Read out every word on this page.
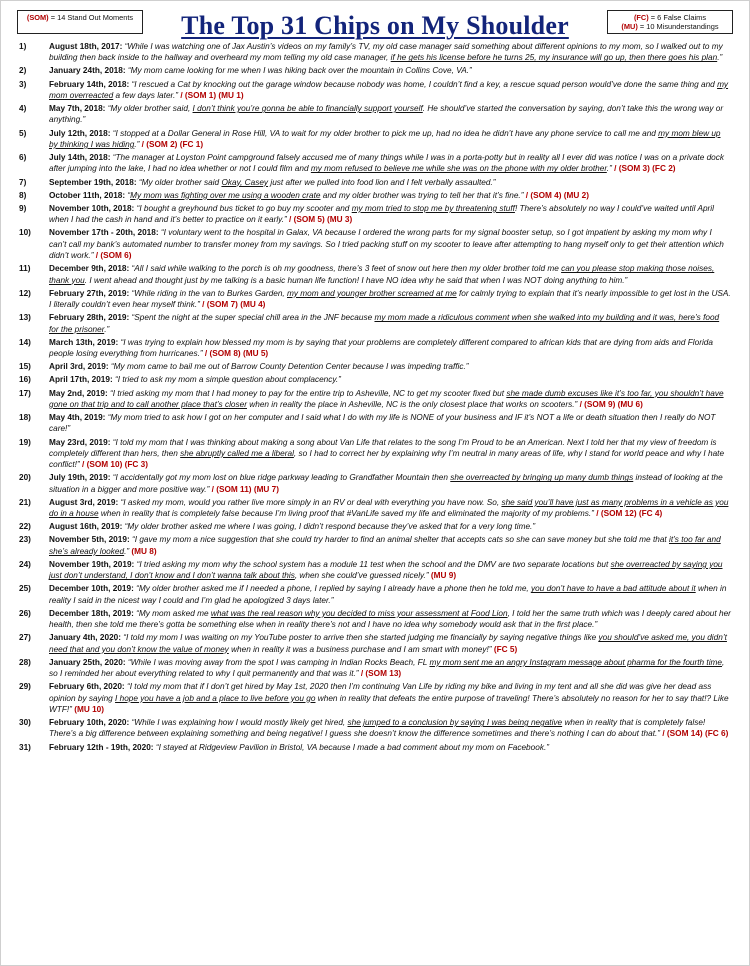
(SOM) = 14 Stand Out Moments	The Top 31 Chips on My Shoulder	(FC) = 6 False Claims
(MU) = 10 Misunderstandings
1)	August 18th, 2017: “While I was watching one of Jax Austin’s videos on my family’s TV, my old case manager said something about different opinions to my mom, so I walked out to my building then back inside to the hallway and overheard my mom telling my old case manager, if he gets his license before he turns 25, my insurance will go up, then there goes his plan.”
2)	January 24th, 2018: “My mom came looking for me when I was hiking back over the mountain in Collins Cove, VA.”
3)	February 14th, 2018: “I rescued a Cat by knocking out the garage window because nobody was home, I couldn’t find a key, a rescue squad person would’ve done the same thing and my mom overreacted a few days later.” / (SOM 1) (MU 1)
4)	May 7th, 2018: “My older brother said, I don’t think you’re gonna be able to financially support yourself. He should’ve started the conversation by saying, don’t take this the wrong way or anything.”
5)	July 12th, 2018: “I stopped at a Dollar General in Rose Hill, VA to wait for my older brother to pick me up, had no idea he didn’t have any phone service to call me and my mom blew up by thinking I was hiding.” / (SOM 2) (FC 1)
6)	July 14th, 2018: “The manager at Loyston Point campground falsely accused me of many things while I was in a porta-potty but in reality all I ever did was notice I was on a private dock after jumping into the lake, I had no idea whether or not I could film and my mom refused to believe me while she was on the phone with my older brother.” / (SOM 3) (FC 2)
7)	September 19th, 2018: “My older brother said Okay, Casey just after we pulled into food lion and I felt verbally assaulted.”
8)	October 11th, 2018: “My mom was fighting over me using a wooden crate and my older brother was trying to tell her that it’s fine.” / (SOM 4) (MU 2)
9)	November 10th, 2018: “I bought a greyhound bus ticket to go buy my scooter and my mom tried to stop me by threatening stuff! There’s absolutely no way I could’ve waited until April when I had the cash in hand and it’s better to practice on it early.” / (SOM 5) (MU 3)
10) November 17th - 20th, 2018: “I voluntary went to the hospital in Galax, VA because I ordered the wrong parts for my signal booster setup, so I got impatient by asking my mom why I can’t call my bank’s automated number to transfer money from my savings. So I tried packing stuff on my scooter to leave after attempting to hang myself only to get their attention which didn’t work.” / (SOM 6)
11) December 9th, 2018: “All I said while walking to the porch is oh my goodness, there’s 3 feet of snow out here then my older brother told me can you please stop making those noises, thank you. I went ahead and thought just by me talking is a basic human life function! I have NO idea why he said that when I was NOT doing anything to him.”
12) February 27th, 2019: “While riding in the van to Burkes Garden, my mom and younger brother screamed at me for calmly trying to explain that it’s nearly impossible to get lost in the USA. I literally couldn’t even hear myself think.” / (SOM 7) (MU 4)
13) February 28th, 2019: “Spent the night at the super special chill area in the JNF because my mom made a ridiculous comment when she walked into my building and it was, here’s food for the prisoner.”
14) March 13th, 2019: “I was trying to explain how blessed my mom is by saying that your problems are completely different compared to african kids that are dying from aids and Florida people losing everything from hurricanes.” / (SOM 8) (MU 5)
15) April 3rd, 2019: “My mom came to bail me out of Barrow County Detention Center because I was impeding traffic.”
16) April 17th, 2019: “I tried to ask my mom a simple question about complacency.”
17) May 2nd, 2019: “I tried asking my mom that I had money to pay for the entire trip to Asheville, NC to get my scooter fixed but she made dumb excuses like it’s too far, you shouldn’t have gone on that trip and to call another place that’s closer when in reality the place in Asheville, NC is the only closest place that works on scooters.” / (SOM 9) (MU 6)
18) May 4th, 2019: “My mom tried to ask how I got on her computer and I said what I do with my life is NONE of your business and IF it’s NOT a life or death situation then I really do NOT care!”
19) May 23rd, 2019: “I told my mom that I was thinking about making a song about Van Life that relates to the song I’m Proud to be an American. Next I told her that my view of freedom is completely different than hers, then she abruptly called me a liberal, so I had to correct her by explaining why I’m neutral in many areas of life, why I stand for world peace and why I hate conflict!” / (SOM 10) (FC 3)
20) July 19th, 2019: “I accidentally got my mom lost on blue ridge parkway leading to Grandfather Mountain then she overreacted by bringing up many dumb things instead of looking at the situation in a bigger and more positive way.” / (SOM 11) (MU 7)
21) August 3rd, 2019: “I asked my mom, would you rather live more simply in an RV or deal with everything you have now. So, she said you’ll have just as many problems in a vehicle as you do in a house when in reality that is completely false because I’m living proof that #VanLife saved my life and eliminated the majority of my problems.” / (SOM 12) (FC 4)
22) August 16th, 2019: “My older brother asked me where I was going, I didn’t respond because they’ve asked that for a very long time.”
23) November 5th, 2019: “I gave my mom a nice suggestion that she could try harder to find an animal shelter that accepts cats so she can save money but she told me that it’s too far and she’s already looked.” (MU 8)
24) November 19th, 2019: “I tried asking my mom why the school system has a module 11 test when the school and the DMV are two separate locations but she overreacted by saying you just don’t understand, I don’t know and I don’t wanna talk about this, when she could’ve guessed nicely.” (MU 9)
25) December 10th, 2019: “My older brother asked me if I needed a phone, I replied by saying I already have a phone then he told me, you don’t have to have a bad attitude about it when in reality I said in the nicest way I could and I’m glad he apologized 3 days later.”
26) December 18th, 2019: “My mom asked me what was the real reason why you decided to miss your assessment at Food Lion, I told her the same truth which was I deeply cared about her health, then she told me there’s gotta be something else when in reality there’s not and I have no idea why somebody would ask that in the first place.”
27) January 4th, 2020: “I told my mom I was waiting on my YouTube poster to arrive then she started judging me financially by saying negative things like you should’ve asked me, you didn’t need that and you don’t know the value of money when in reality it was a business purchase and I am smart with money!” (FC 5)
28) January 25th, 2020: “While I was moving away from the spot I was camping in Indian Rocks Beach, FL my mom sent me an angry Instagram message about pharma for the fourth time, so I reminded her about everything related to why I quit permanently and that was it.” / (SOM 13)
29) February 6th, 2020: “I told my mom that if I don’t get hired by May 1st, 2020 then I’m continuing Van Life by riding my bike and living in my tent and all she did was give her dead ass opinion by saying I hope you have a job and a place to live before you go when in reality that defeats the entire purpose of traveling! There’s absolutely no reason for her to say that!? Like WTF!” (MU 10)
30) February 10th, 2020: “While I was explaining how I would mostly likely get hired, she jumped to a conclusion by saying I was being negative when in reality that is completely false! There’s a big difference between explaining something and being negative! I guess she doesn’t know the difference sometimes and there’s nothing I can do about that.” / (SOM 14) (FC 6)
31) February 12th - 19th, 2020: “I stayed at Ridgeview Pavilion in Bristol, VA because I made a bad comment about my mom on Facebook.”
